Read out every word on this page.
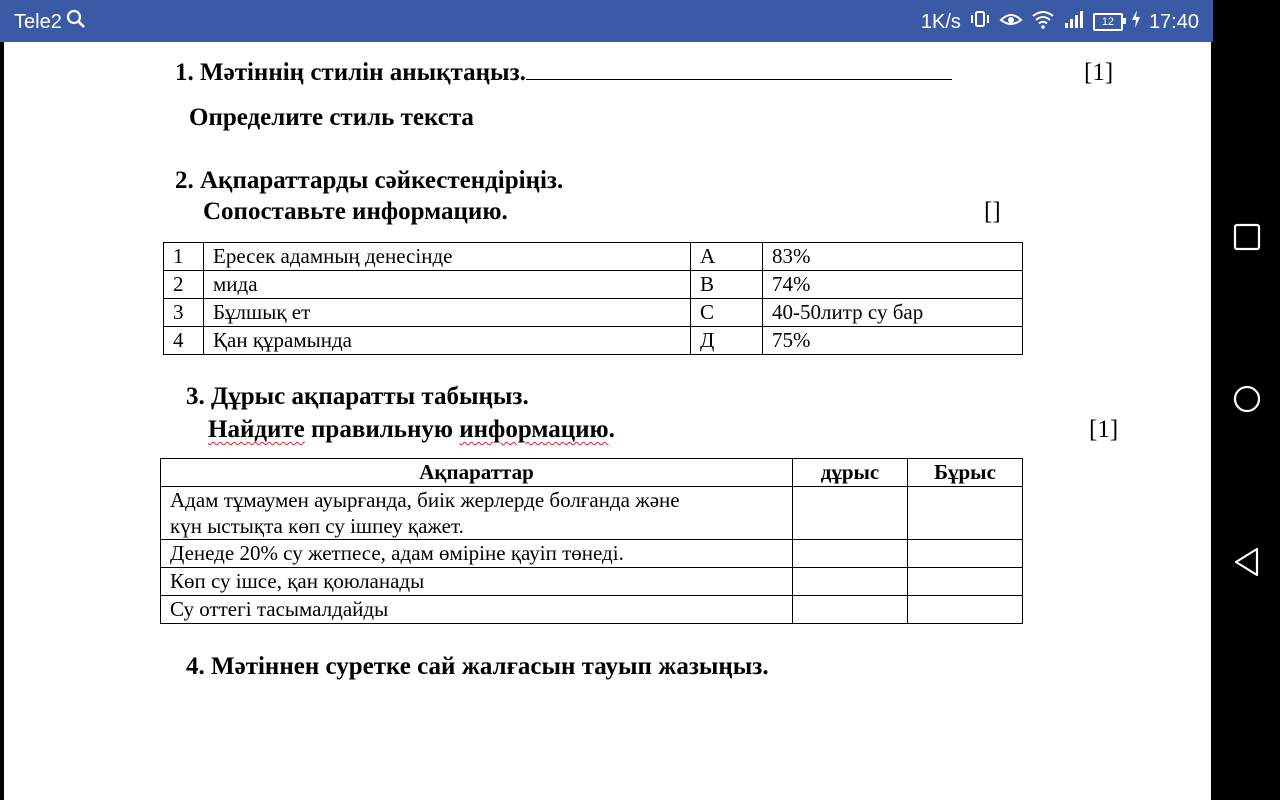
Tele2	1K/s	12 17:40
1. Мәтіннің стилін анықтаңыз.	[1]
Определите стиль текста
2. Ақпараттарды сәйкестендіріңіз.
Сопоставьте информацию.	[]
1	Ересек адамның денесінде	А	83%
2	мида	В	74%
3	Бұлшық ет	С	40-50литр су бар
4	Қан құрамында	Д	75%
3. Дұрыс ақпаратты табыңыз.
Найдите правильную информацию.	[1]
Ақпараттар	дұрыс	Бұрыс

Адам тұмаумен ауырғанда, биік жерлерде болғанда және
күн ыстықта көп су ішпеу қажет.		

Денеде 20% су жетпесе, адам өміріне қауіп төнеді.		
Көп су ішсе, қан қоюланады		
Су оттегі тасымалдайды		
4. Мәтіннен суретке сай жалғасын тауып жазыңыз.
